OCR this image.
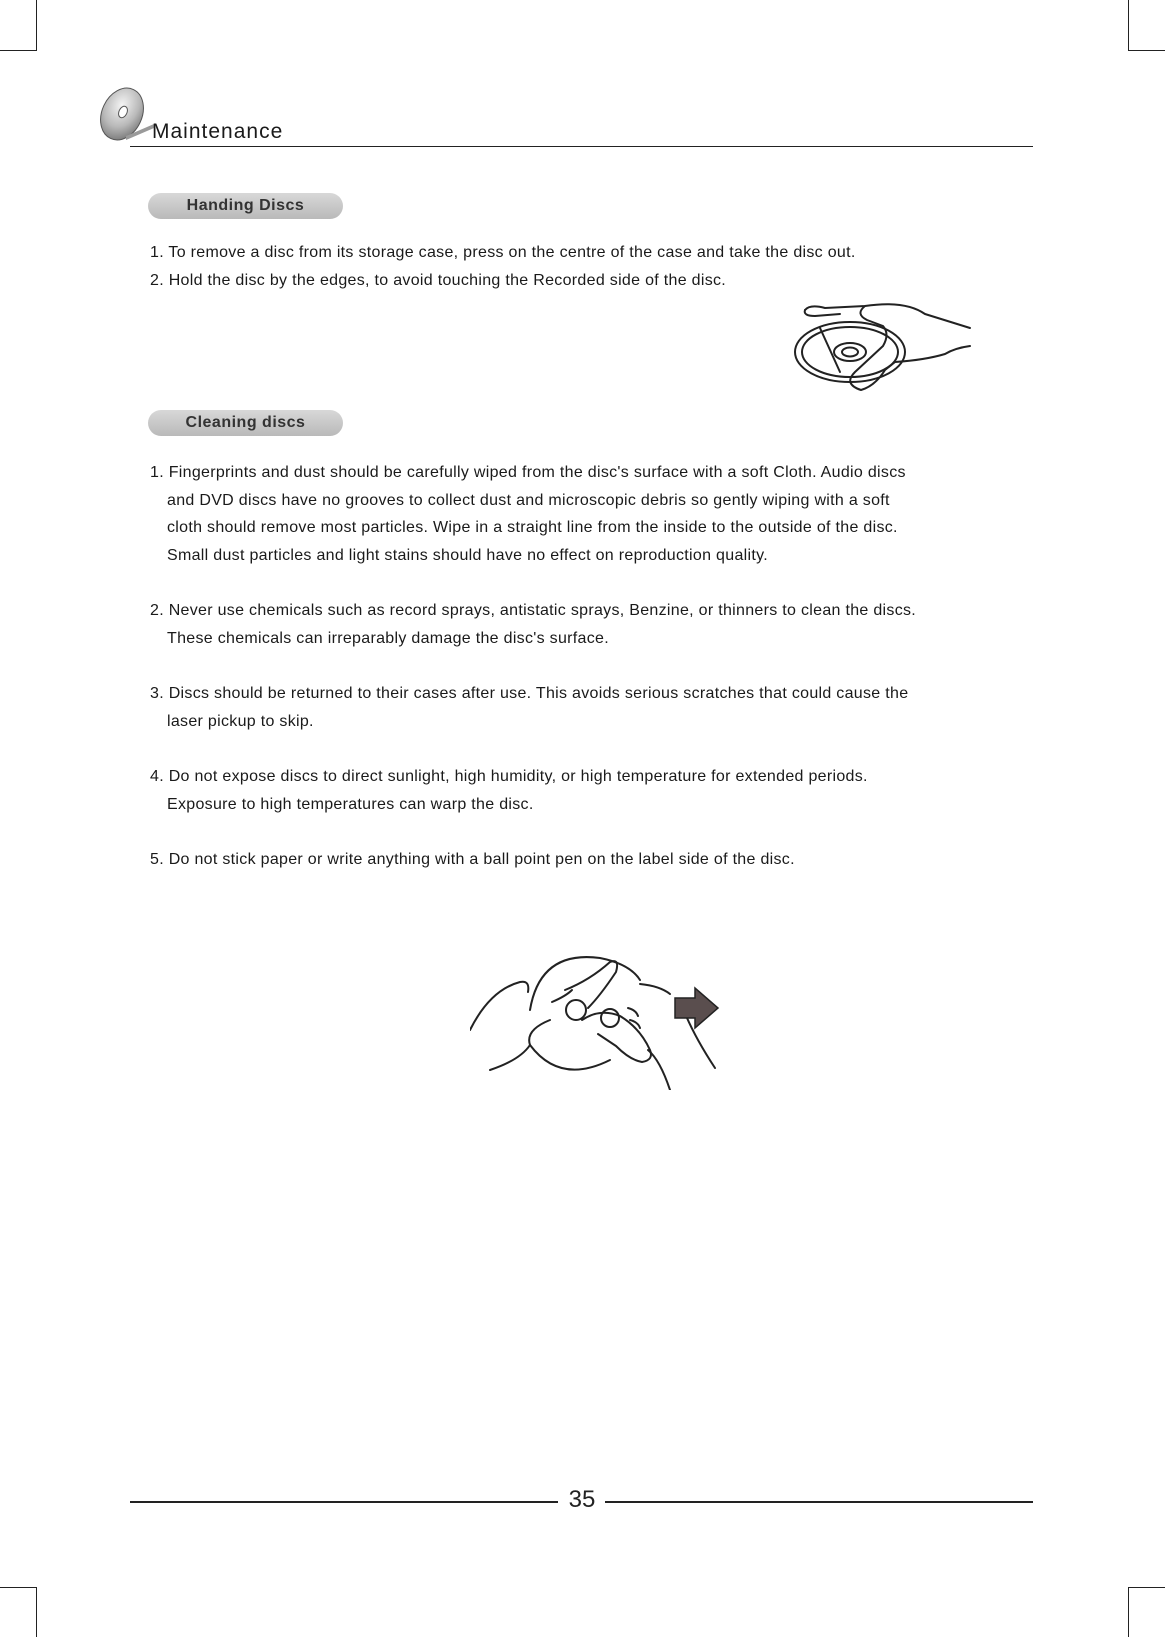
Maintenance
Handing Discs
1. To remove a disc from its storage case, press on the centre of the case and take the disc out.
2. Hold the disc by the edges, to avoid touching the Recorded side of the disc.
Cleaning discs
1. Fingerprints and dust should be carefully wiped from the disc's surface with a soft Cloth. Audio discs
and DVD discs have no grooves to collect dust and microscopic debris so gently wiping with a soft
cloth should remove most particles. Wipe in a straight line from the inside to the outside of the disc.
Small dust particles and light stains should have no effect on reproduction quality.
2. Never use chemicals such as record sprays, antistatic sprays, Benzine, or thinners to clean the discs.
These chemicals can irreparably damage the disc's surface.
3. Discs should be returned to their cases after use. This avoids serious scratches that could cause the
laser pickup to skip.
4. Do not expose discs to direct sunlight, high humidity, or high temperature for extended periods.
Exposure to high temperatures can warp the disc.
5. Do not stick paper or write anything with a ball point pen on the label side of the disc.
35
